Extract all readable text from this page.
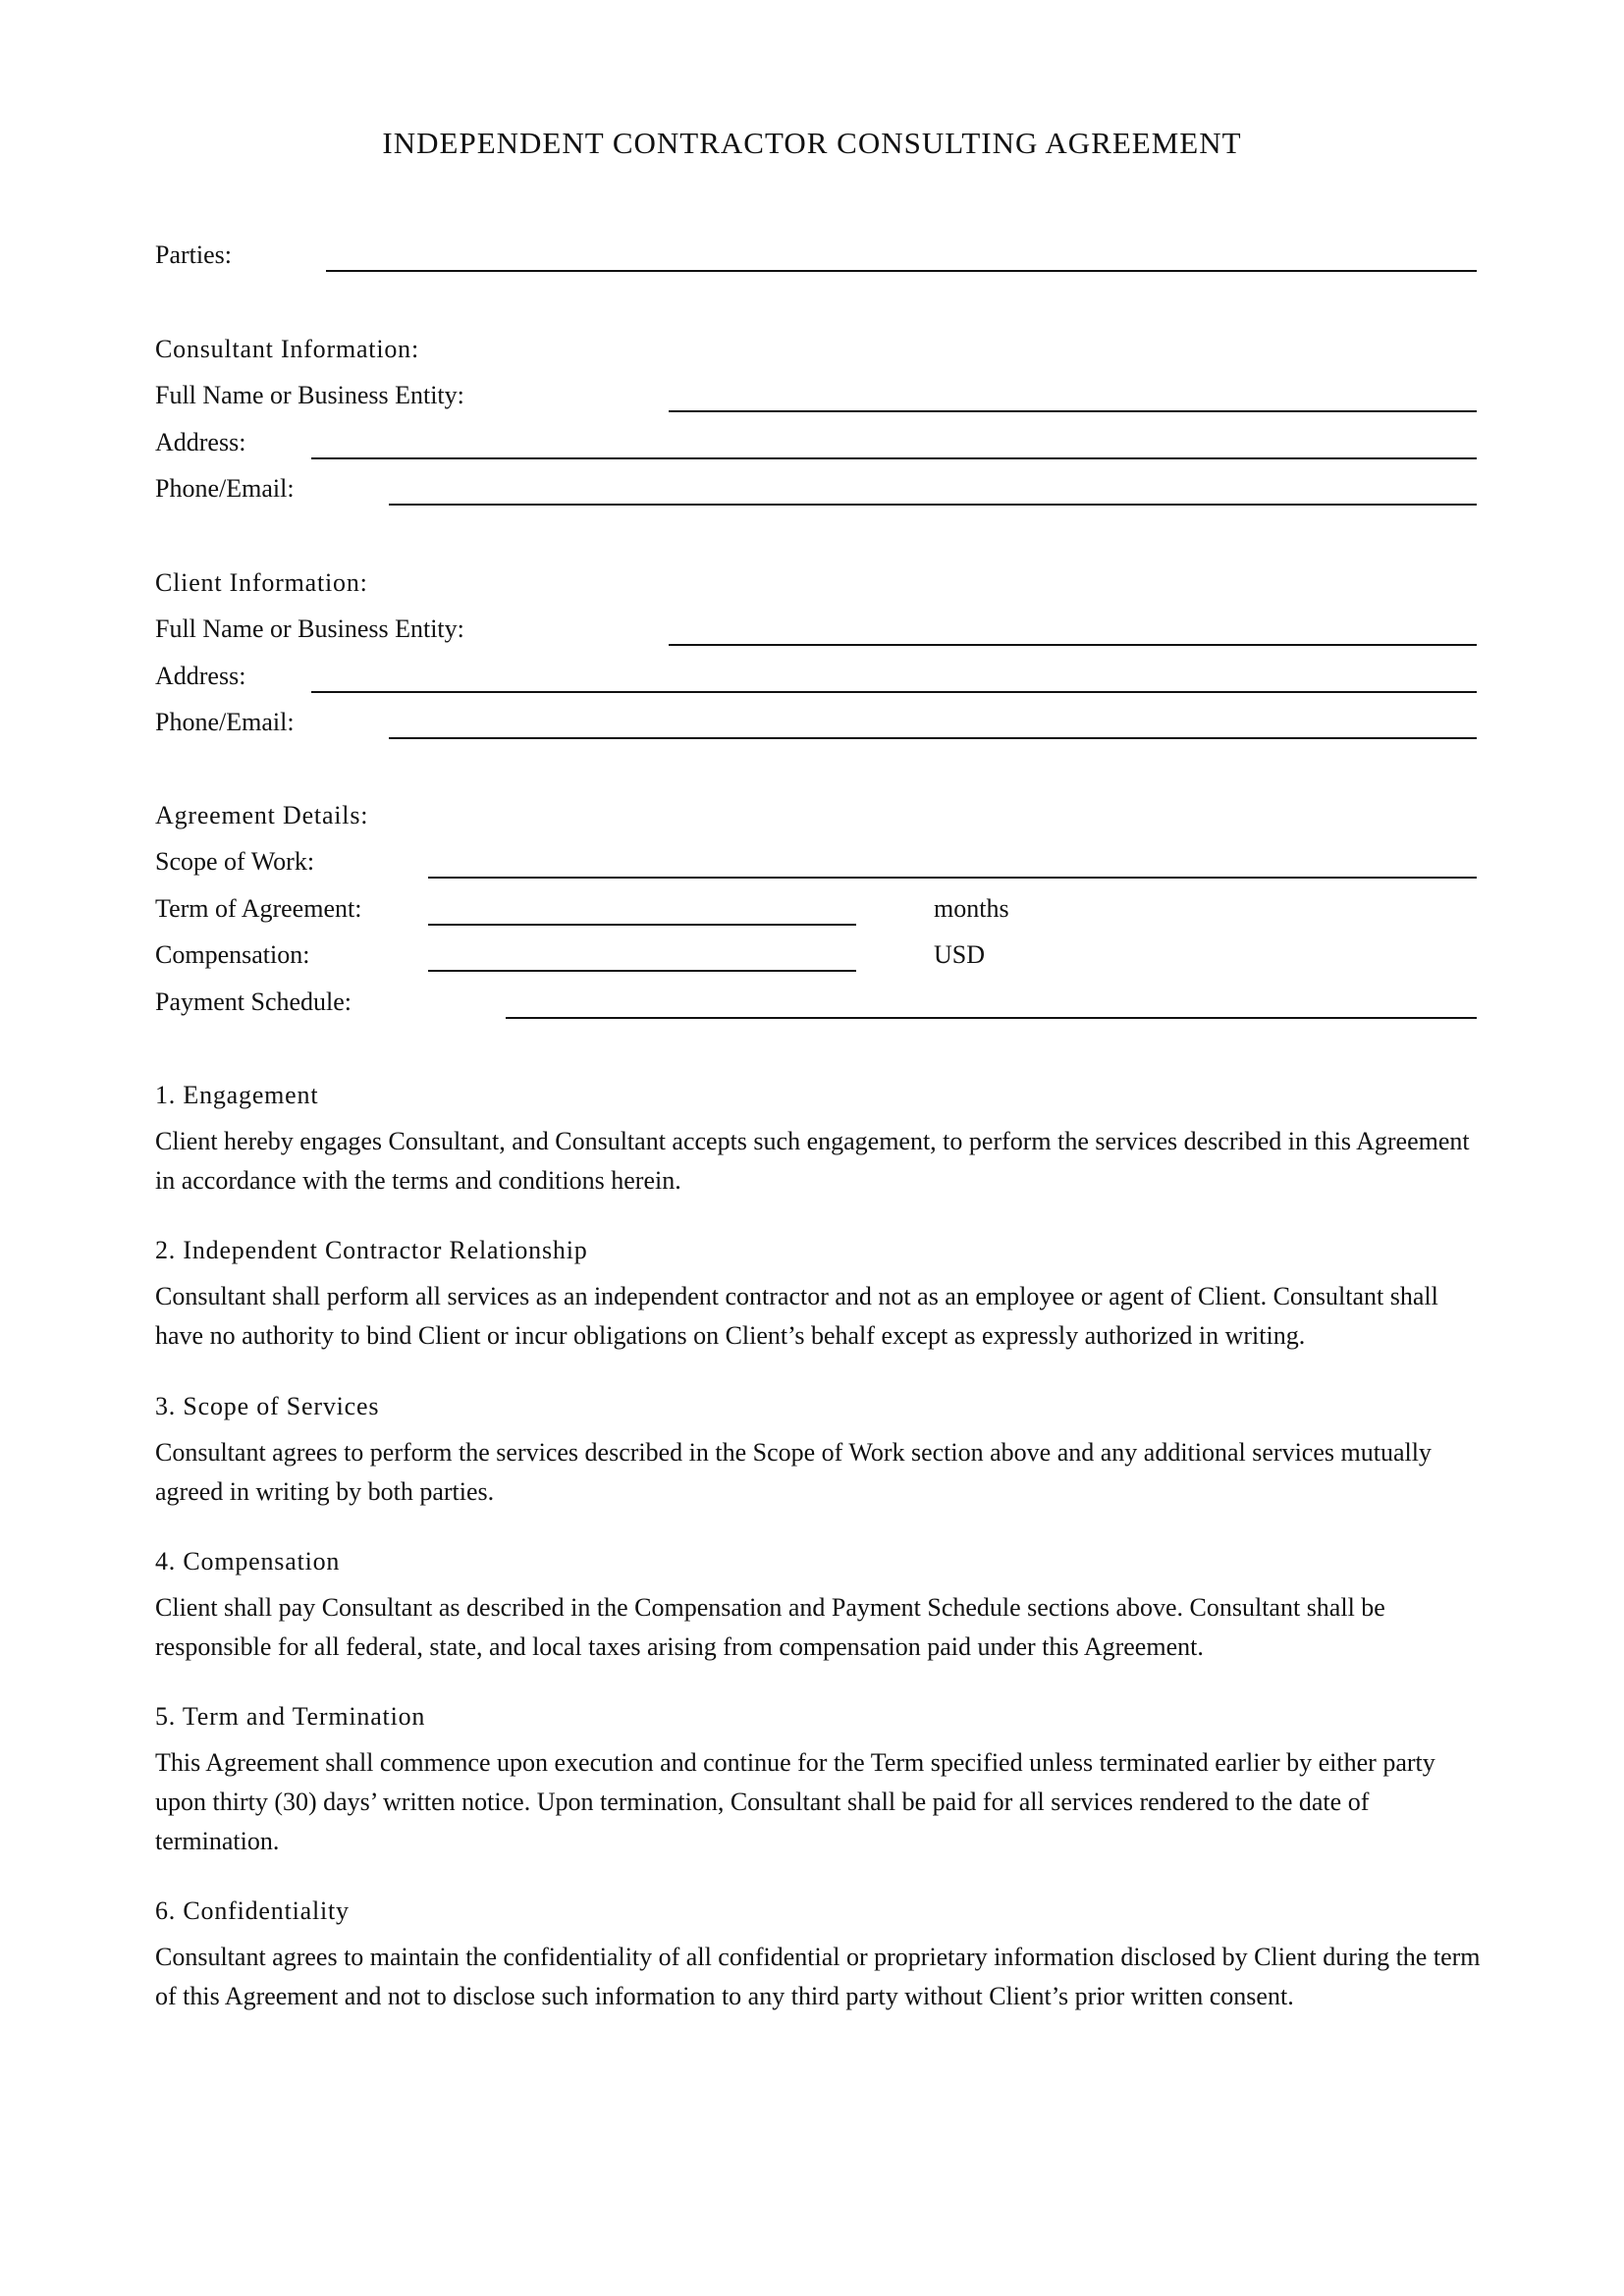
INDEPENDENT CONTRACTOR CONSULTING AGREEMENT
Parties:
Consultant Information:
Full Name or Business Entity:
Address:
Phone/Email:
Client Information:
Full Name or Business Entity:
Address:
Phone/Email:
Agreement Details:
Scope of Work:
Term of Agreement:	months
Compensation:	USD
Payment Schedule:
1. Engagement
Client hereby engages Consultant, and Consultant accepts such engagement, to perform the services described in this Agreement in accordance with the terms and conditions herein.
2. Independent Contractor Relationship
Consultant shall perform all services as an independent contractor and not as an employee or agent of Client. Consultant shall have no authority to bind Client or incur obligations on Client’s behalf except as expressly authorized in writing.
3. Scope of Services
Consultant agrees to perform the services described in the Scope of Work section above and any additional services mutually agreed in writing by both parties.
4. Compensation
Client shall pay Consultant as described in the Compensation and Payment Schedule sections above. Consultant shall be responsible for all federal, state, and local taxes arising from compensation paid under this Agreement.
5. Term and Termination
This Agreement shall commence upon execution and continue for the Term specified unless terminated earlier by either party upon thirty (30) days’ written notice. Upon termination, Consultant shall be paid for all services rendered to the date of termination.
6. Confidentiality
Consultant agrees to maintain the confidentiality of all confidential or proprietary information disclosed by Client during the term of this Agreement and not to disclose such information to any third party without Client’s prior written consent.
